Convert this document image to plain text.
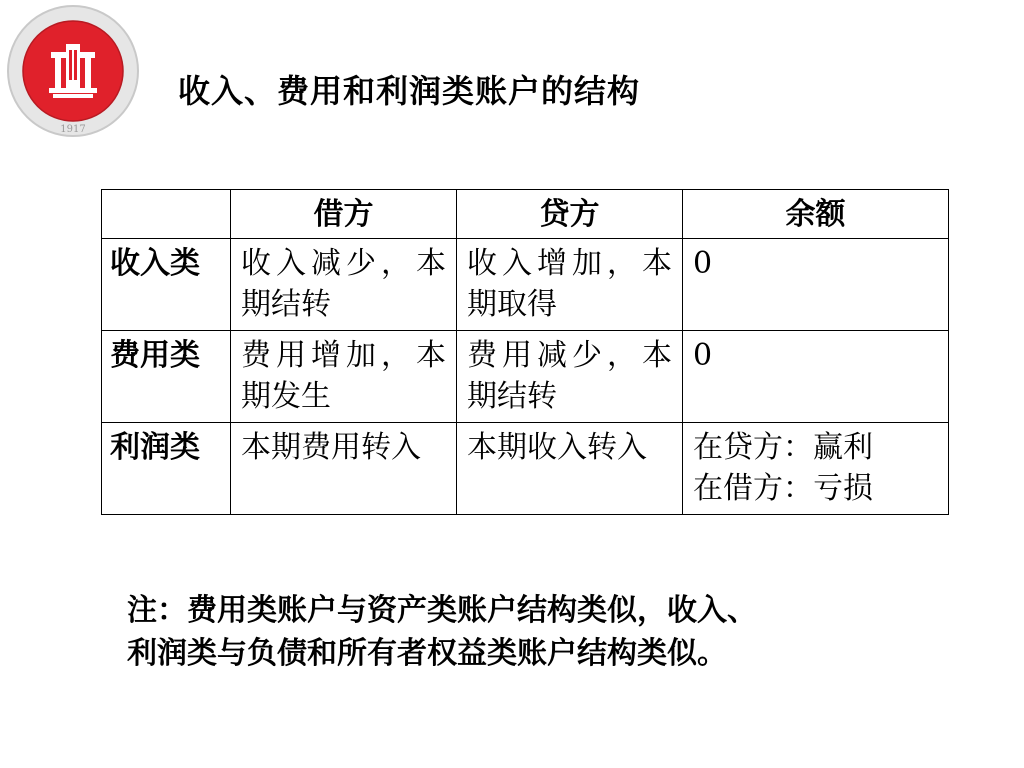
1917
收入、费用和利润类账户的结构
	借方	贷方	余额
收入类	收入减少，本期结转	收入增加，本期取得	0
费用类	费用增加，本期发生	费用减少，本期结转	0
利润类	本期费用转入	本期收入转入	在贷方：赢利
在借方：亏损

注：费用类账户与资产类账户结构类似，收入、

利润类与负债和所有者权益类账户结构类似。
